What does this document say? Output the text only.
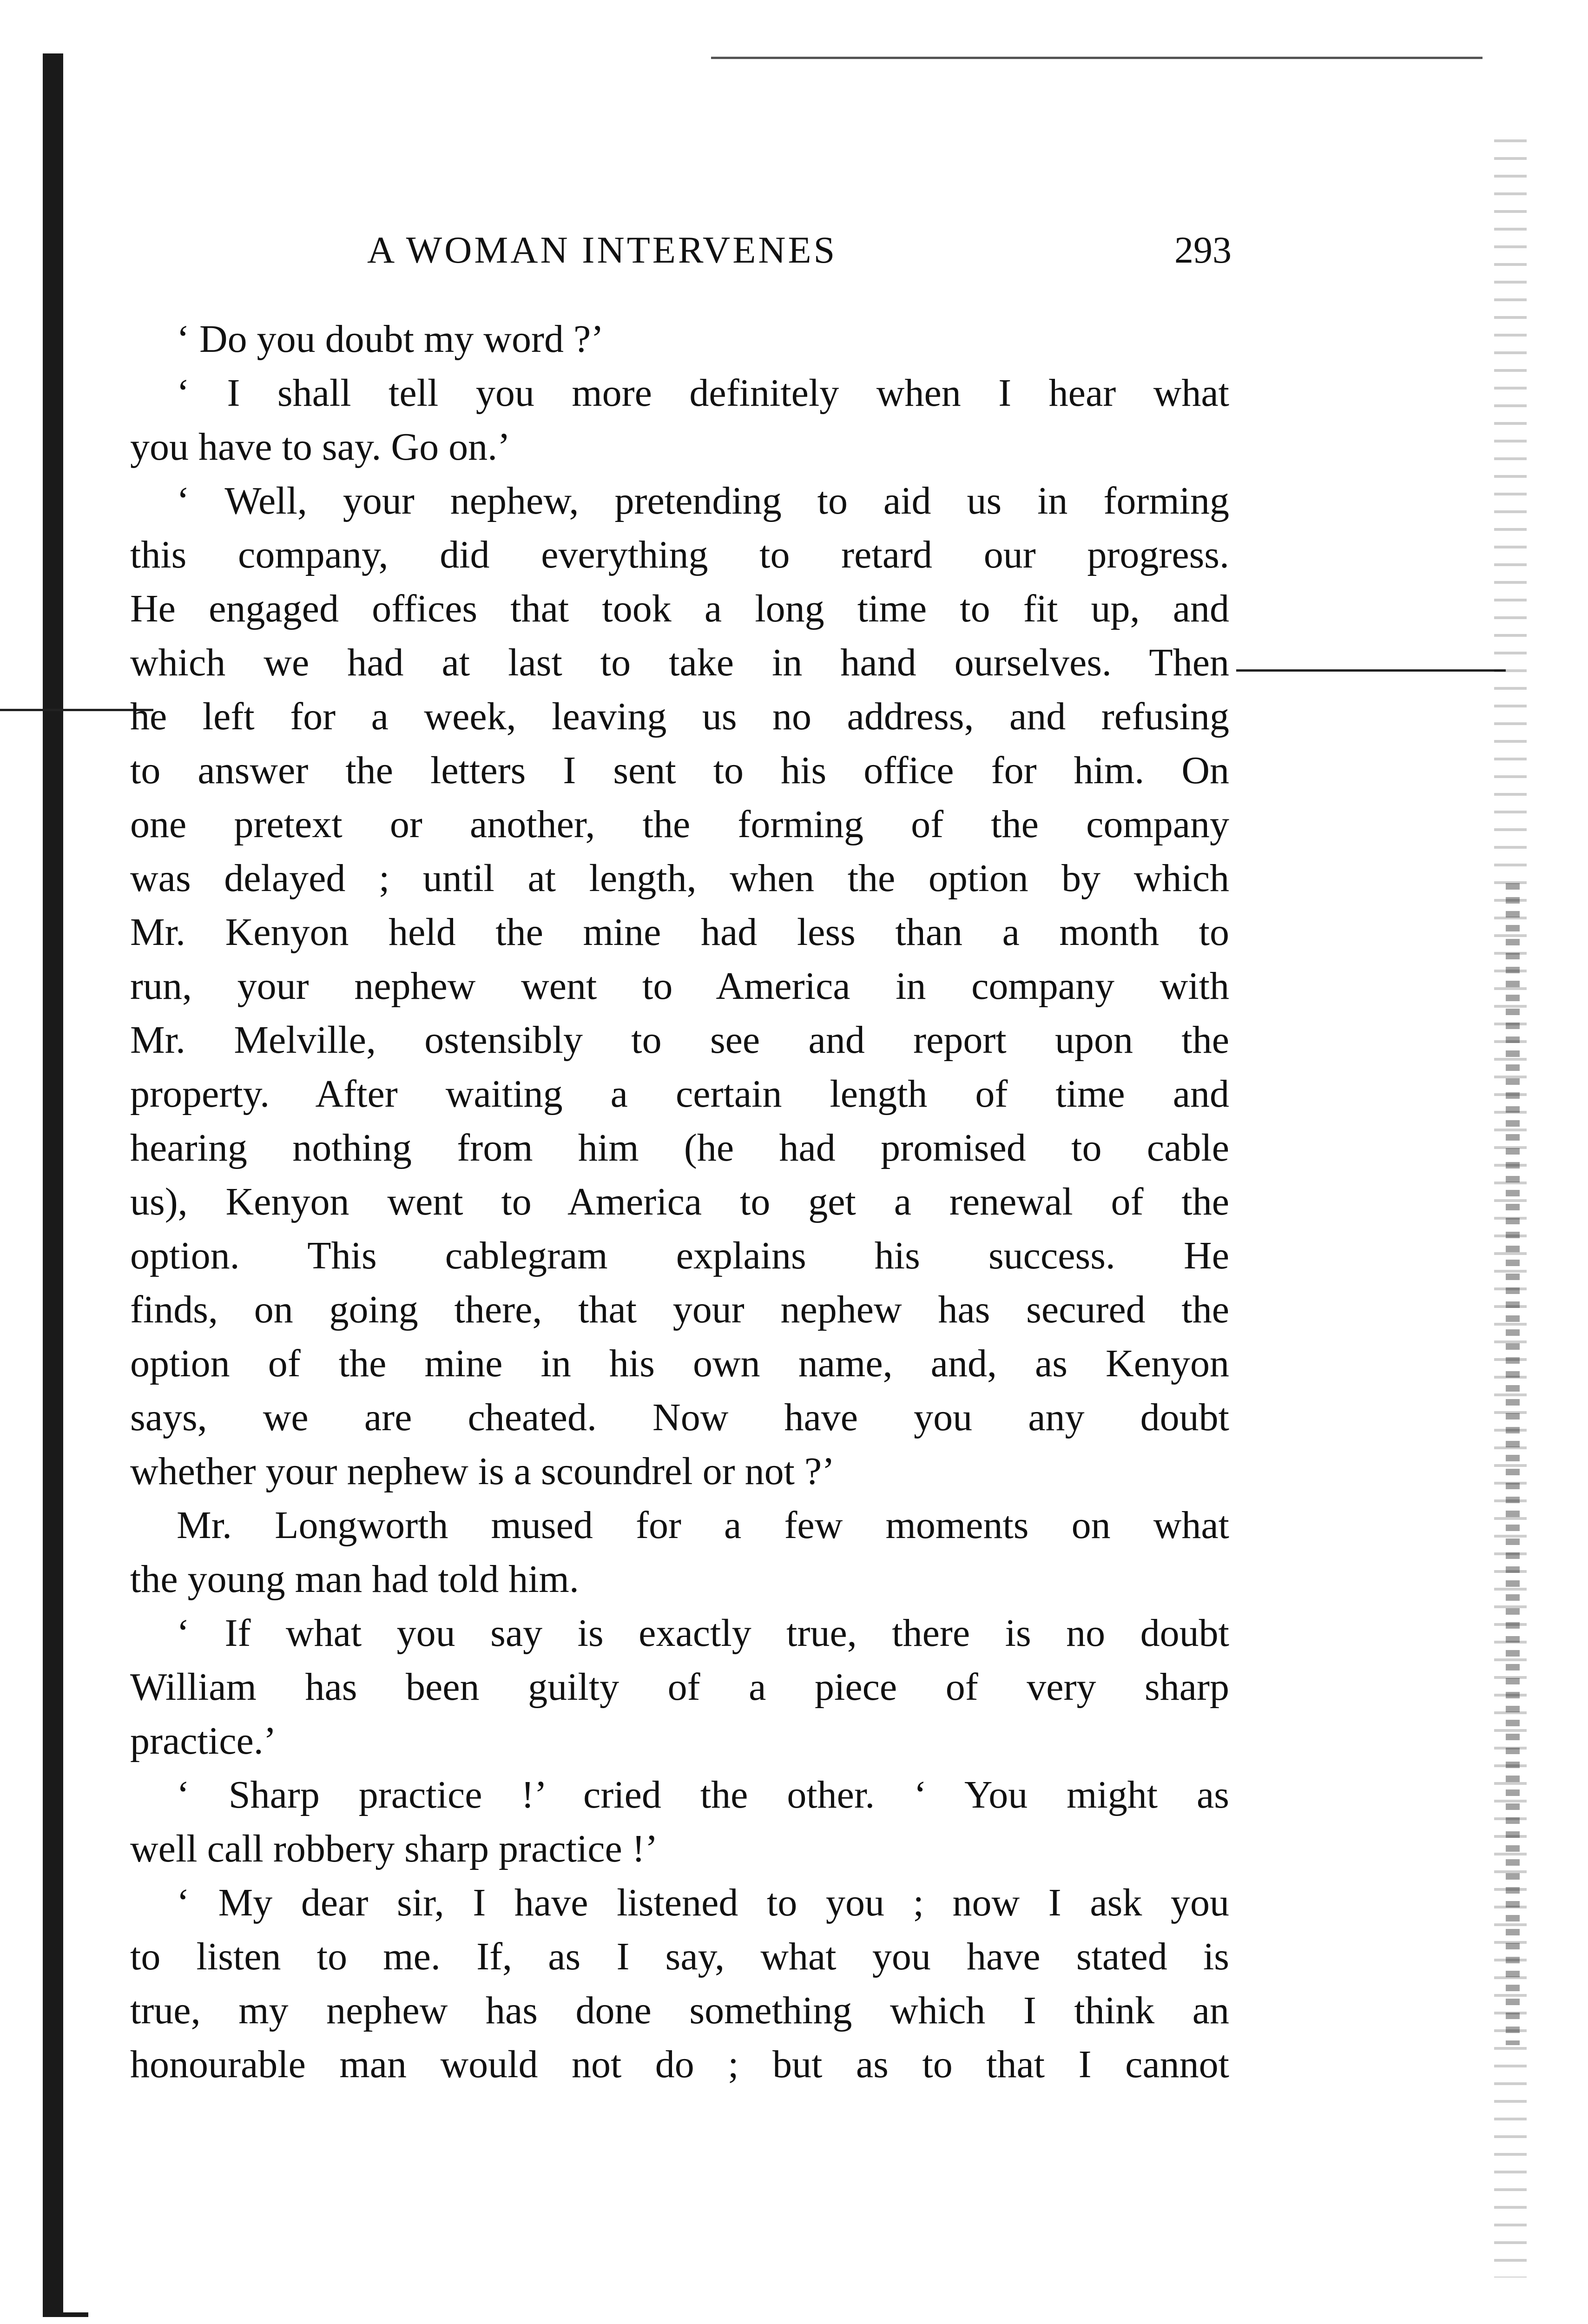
A WOMAN INTERVENES	293
‘ Do you doubt my word ?’
‘ I shall tell you more definitely when I hear what
you have to say. Go on.’
‘ Well, your nephew, pretending to aid us in forming
this company, did everything to retard our progress.
He engaged offices that took a long time to fit up, and
which we had at last to take in hand ourselves. Then
he left for a week, leaving us no address, and refusing
to answer the letters I sent to his office for him. On
one pretext or another, the forming of the company
was delayed ; until at length, when the option by which
Mr. Kenyon held the mine had less than a month to
run, your nephew went to America in company with
Mr. Melville, ostensibly to see and report upon the
property. After waiting a certain length of time and
hearing nothing from him (he had promised to cable
us), Kenyon went to America to get a renewal of the
option. This cablegram explains his success. He
finds, on going there, that your nephew has secured the
option of the mine in his own name, and, as Kenyon
says, we are cheated. Now have you any doubt
whether your nephew is a scoundrel or not ?’
Mr. Longworth mused for a few moments on what
the young man had told him.
‘ If what you say is exactly true, there is no doubt
William has been guilty of a piece of very sharp
practice.’
‘ Sharp practice !’ cried the other. ‘ You might as
well call robbery sharp practice !’
‘ My dear sir, I have listened to you ; now I ask you
to listen to me. If, as I say, what you have stated is
true, my nephew has done something which I think an
honourable man would not do ; but as to that I cannot
